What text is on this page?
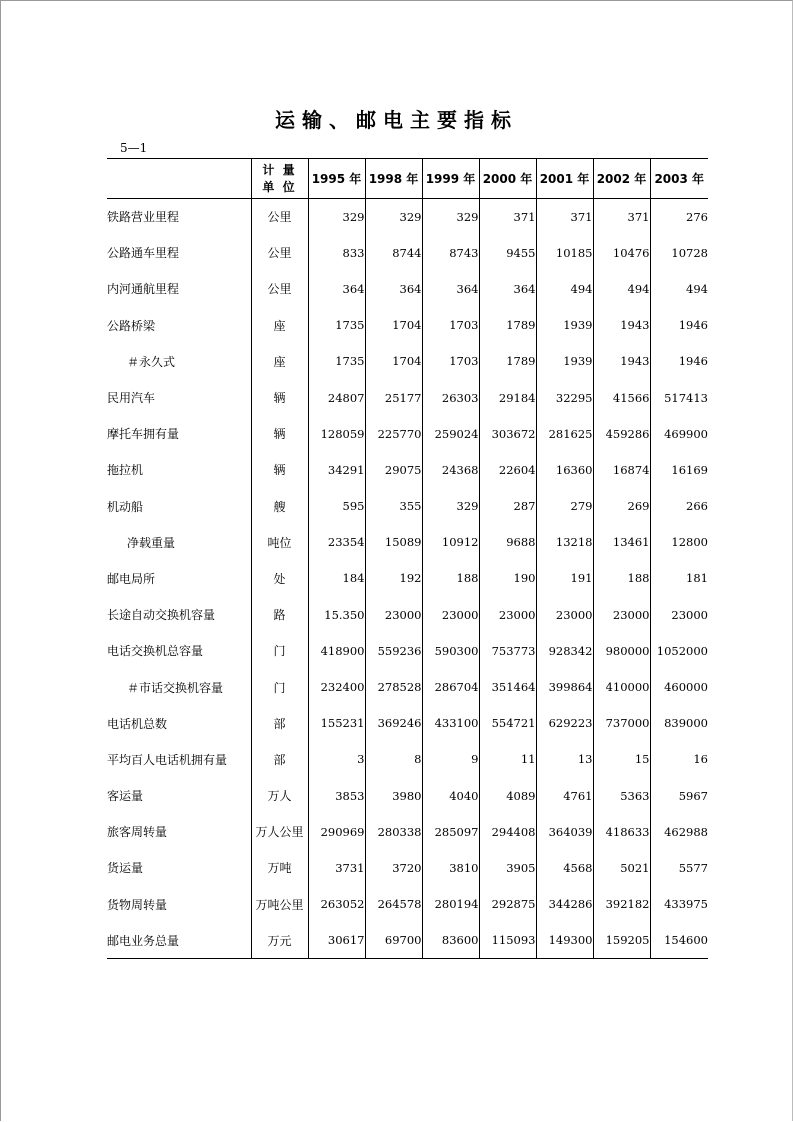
运输、邮电主要指标
5—1

	计 量
单 位	1995 年	1998 年	1999 年	2000 年	2001 年	2002 年	2003 年
铁路营业里程	公里	329	329	329	371	371	371	276
公路通车里程	公里	833	8744	8743	9455	10185	10476	10728
内河通航里程	公里	364	364	364	364	494	494	494
公路桥梁	座	1735	1704	1703	1789	1939	1943	1946
＃永久式	座	1735	1704	1703	1789	1939	1943	1946
民用汽车	辆	24807	25177	26303	29184	32295	41566	517413
摩托车拥有量	辆	128059	225770	259024	303672	281625	459286	469900
拖拉机	辆	34291	29075	24368	22604	16360	16874	16169
机动船	艘	595	355	329	287	279	269	266
净载重量	吨位	23354	15089	10912	9688	13218	13461	12800
邮电局所	处	184	192	188	190	191	188	181
长途自动交换机容量	路	15.350	23000	23000	23000	23000	23000	23000
电话交换机总容量	门	418900	559236	590300	753773	928342	980000	1052000
＃市话交换机容量	门	232400	278528	286704	351464	399864	410000	460000
电话机总数	部	155231	369246	433100	554721	629223	737000	839000
平均百人电话机拥有量	部	3	8	9	11	13	15	16
客运量	万人	3853	3980	4040	4089	4761	5363	5967
旅客周转量	万人公里	290969	280338	285097	294408	364039	418633	462988
货运量	万吨	3731	3720	3810	3905	4568	5021	5577
货物周转量	万吨公里	263052	264578	280194	292875	344286	392182	433975
邮电业务总量	万元	30617	69700	83600	115093	149300	159205	154600
